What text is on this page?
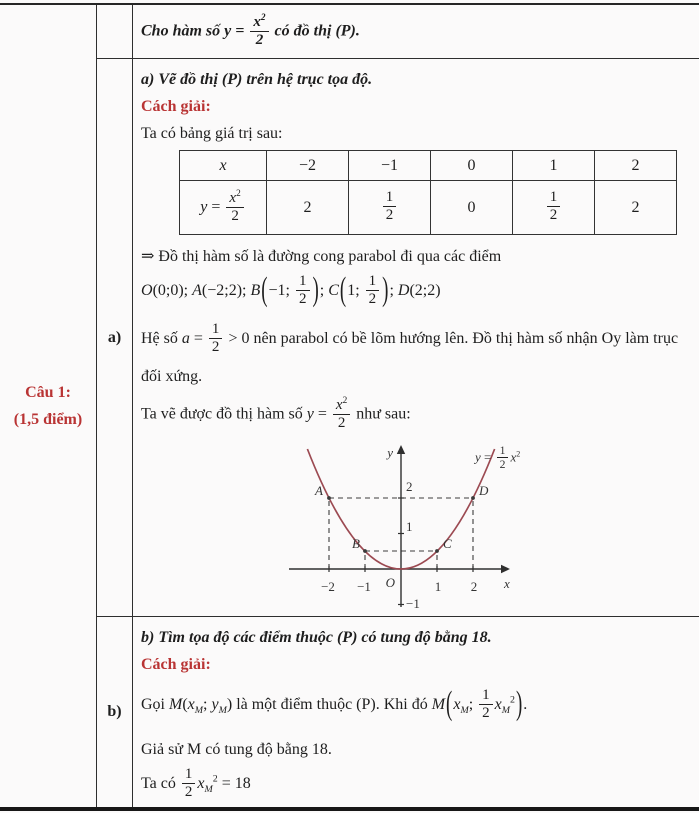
Câu 1:
(1,5 điểm)
Cho hàm số $y = \frac{x^2}{2}$ có đồ thị (P).
a)
a) Vẽ đồ thị (P) trên hệ trục tọa độ.
Cách giải:
Ta có bảng giá trị sau:
x	−2	−1	0	1	2
$y = \frac{x^2}{2}$	2	$\frac{1}{2}$	0	$\frac{1}{2}$	2
⇒ Đồ thị hàm số là đường cong parabol đi qua các điểm
O(0;0); A(−2;2); B(−1; $\frac{1}{2}$ ); C(1; $\frac{1}{2}$ ); D(2;2)
Hệ số $a = \frac{1}{2} > 0$ nên parabol có bề lõm hướng lên. Đồ thị hàm số nhận Oy làm trục đối xứng.
Ta vẽ được đồ thị hàm số $y = \frac{x^2}{2}$ như sau:
y
x
O
2
1
−1
−2 −1	1 2
A	D
B	C
$y = \frac{1}{2} x^2$
b)
b) Tìm tọa độ các điểm thuộc (P) có tung độ bằng 18.
Cách giải:
Gọi $M(x_M$; $y_M$) là một điểm thuộc (P). Khi đó $M(x_M$; $\frac{1}{2} x_M^2$).
Giả sử M có tung độ bằng 18.
Ta có $\frac{1}{2} x_M^2 = 18$
